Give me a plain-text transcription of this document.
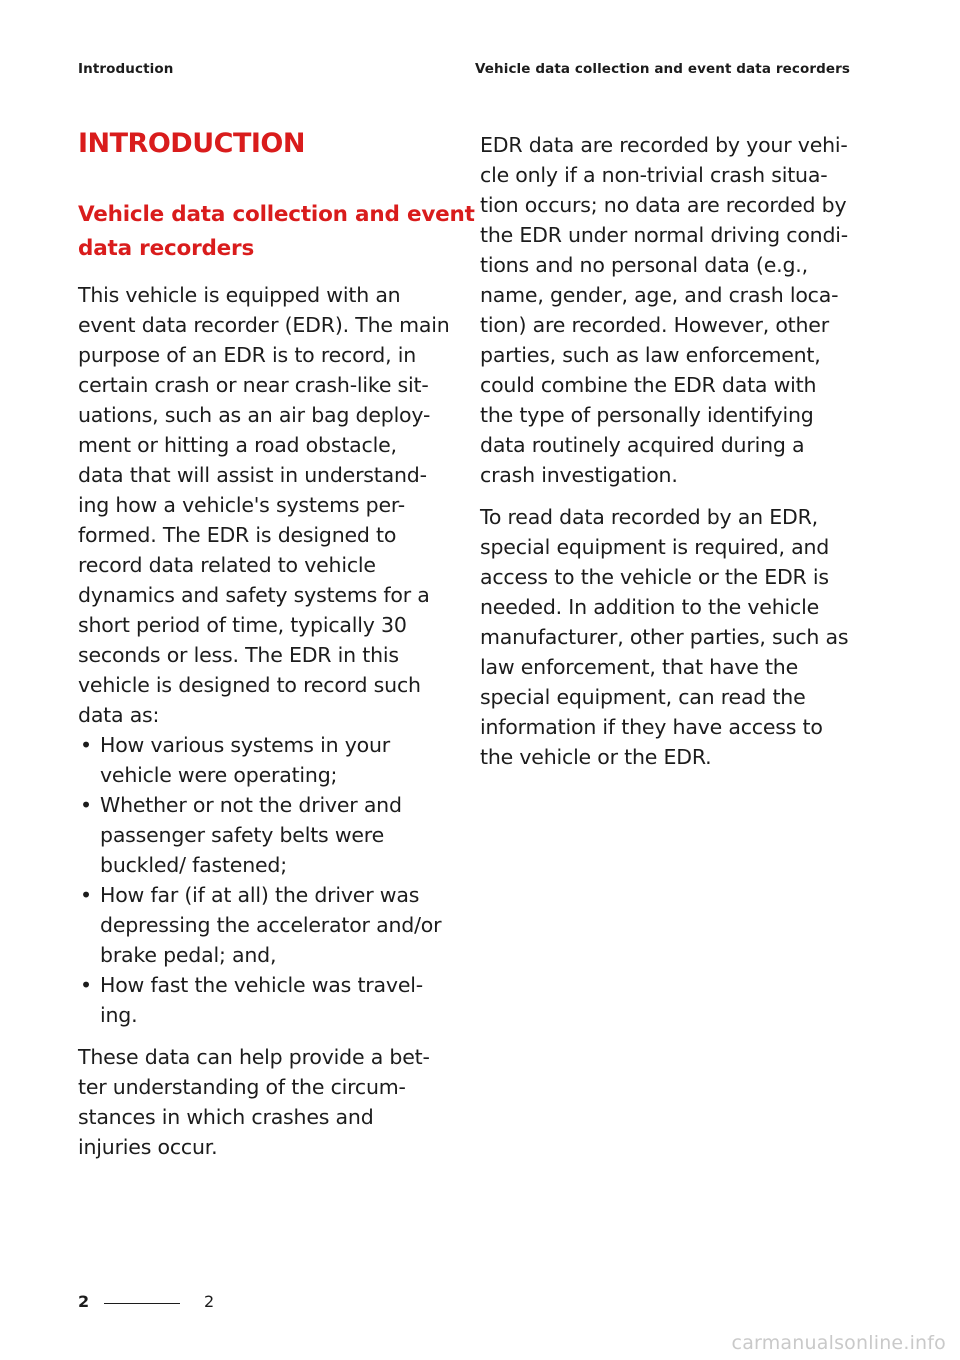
Introduction	Vehicle data collection and event data recorders
INTRODUCTION
Vehicle data collection and event
data recorders

This vehicle is equipped with an
event data recorder (EDR). The main
purpose of an EDR is to record, in
certain crash or near crash-like sit-
uations, such as an air bag deploy-
ment or hitting a road obstacle,
data that will assist in understand-
ing how a vehicle's systems per-
formed. The EDR is designed to
record data related to vehicle
dynamics and safety systems for a
short period of time, typically 30
seconds or less. The EDR in this
vehicle is designed to record such
data as:

• How various systems in your
vehicle were operating;
• Whether or not the driver and
passenger safety belts were
buckled/ fastened;
• How far (if at all) the driver was
depressing the accelerator and/or
brake pedal; and,
• How fast the vehicle was travel-
ing.

These data can help provide a bet-
ter understanding of the circum-
stances in which crashes and
injuries occur.

EDR data are recorded by your vehi-
cle only if a non-trivial crash situa-
tion occurs; no data are recorded by
the EDR under normal driving condi-
tions and no personal data (e.g.,
name, gender, age, and crash loca-
tion) are recorded. However, other
parties, such as law enforcement,
could combine the EDR data with
the type of personally identifying
data routinely acquired during a
crash investigation.

To read data recorded by an EDR,
special equipment is required, and
access to the vehicle or the EDR is
needed. In addition to the vehicle
manufacturer, other parties, such as
law enforcement, that have the
special equipment, can read the
information if they have access to
the vehicle or the EDR.

2	2
carmanualsonline.info
